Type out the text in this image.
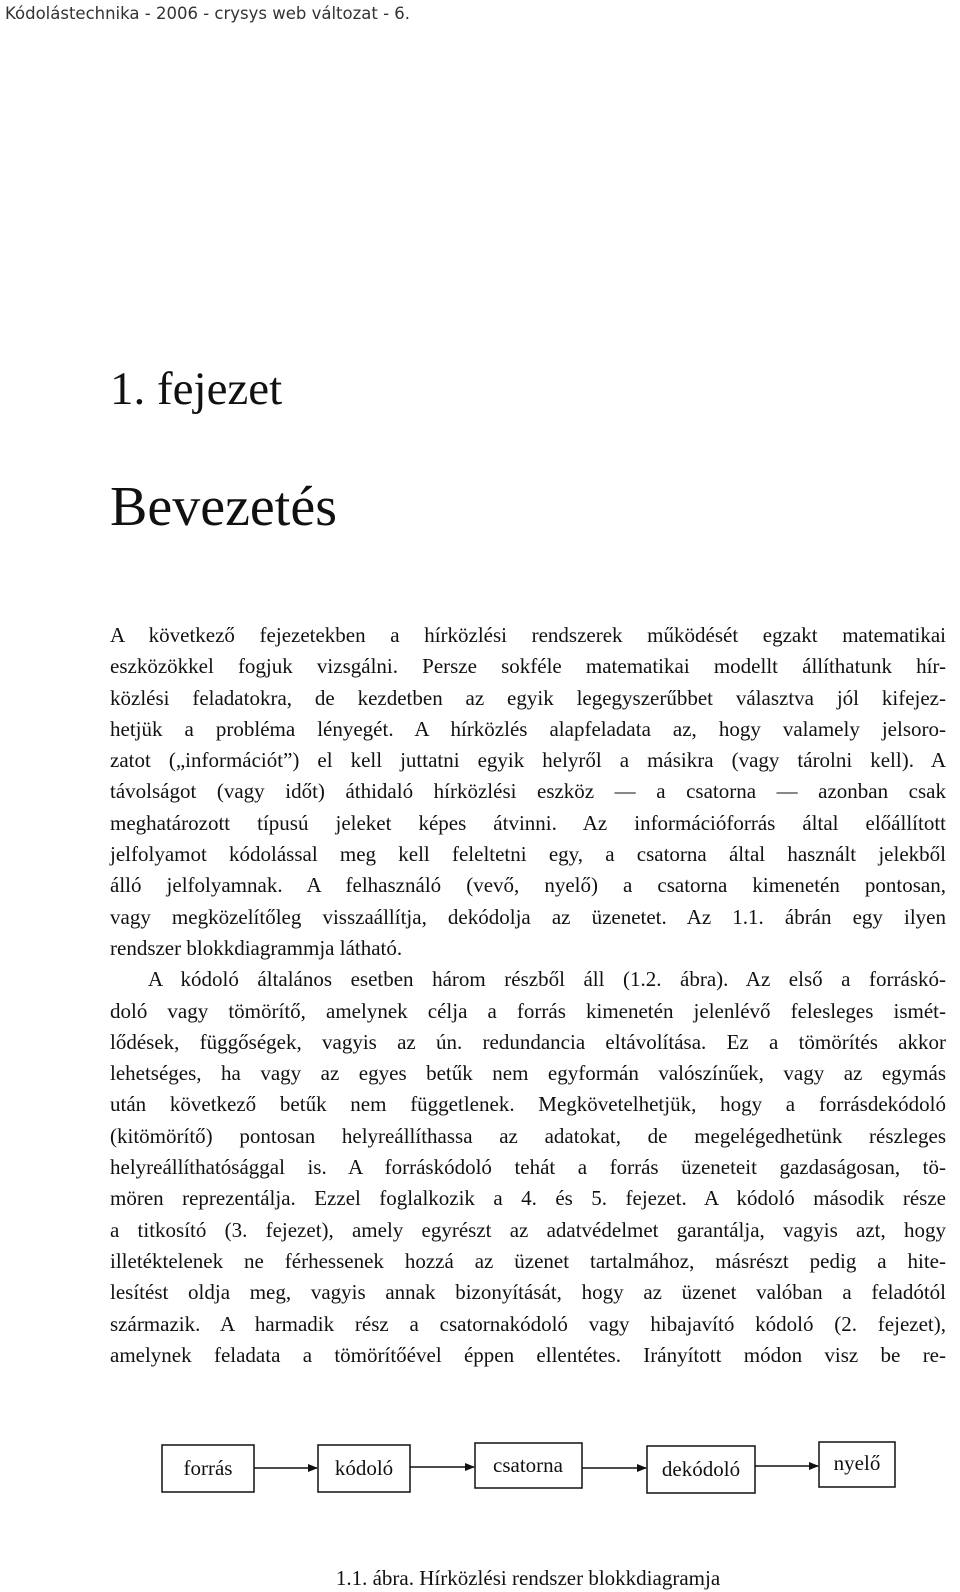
Kódolástechnika - 2006 - crysys web változat - 6.
1. fejezet
Bevezetés
A következő fejezetekben a hírközlési rendszerek működését egzakt matematikai
eszközökkel fogjuk vizsgálni. Persze sokféle matematikai modellt állíthatunk hír-
közlési feladatokra, de kezdetben az egyik legegyszerűbbet választva jól kifejez-
hetjük a probléma lényegét. A hírközlés alapfeladata az, hogy valamely jelsoro-
zatot („információt”) el kell juttatni egyik helyről a másikra (vagy tárolni kell). A
távolságot (vagy időt) áthidaló hírközlési eszköz — a csatorna — azonban csak
meghatározott típusú jeleket képes átvinni. Az információforrás által előállított
jelfolyamot kódolással meg kell feleltetni egy, a csatorna által használt jelekből
álló jelfolyamnak. A felhasználó (vevő, nyelő) a csatorna kimenetén pontosan,
vagy megközelítőleg visszaállítja, dekódolja az üzenetet. Az 1.1. ábrán egy ilyen
rendszer blokkdiagrammja látható.
A kódoló általános esetben három részből áll (1.2. ábra). Az első a forráskó-
doló vagy tömörítő, amelynek célja a forrás kimenetén jelenlévő felesleges ismét-
lődések, függőségek, vagyis az ún. redundancia eltávolítása. Ez a tömörítés akkor
lehetséges, ha vagy az egyes betűk nem egyformán valószínűek, vagy az egymás
után következő betűk nem függetlenek. Megkövetelhetjük, hogy a forrásdekódoló
(kitömörítő) pontosan helyreállíthassa az adatokat, de megelégedhetünk részleges
helyreállíthatósággal is. A forráskódoló tehát a forrás üzeneteit gazdaságosan, tö-
mören reprezentálja. Ezzel foglalkozik a 4. és 5. fejezet. A kódoló második része
a titkosító (3. fejezet), amely egyrészt az adatvédelmet garantálja, vagyis azt, hogy
illetéktelenek ne férhessenek hozzá az üzenet tartalmához, másrészt pedig a hite-
lesítést oldja meg, vagyis annak bizonyítását, hogy az üzenet valóban a feladótól
származik. A harmadik rész a csatornakódoló vagy hibajavító kódoló (2. fejezet),
amelynek feladata a tömörítőével éppen ellentétes. Irányított módon visz be re-
forrás	kódoló	csatorna	dekódoló	nyelő
1.1. ábra. Hírközlési rendszer blokkdiagramja
